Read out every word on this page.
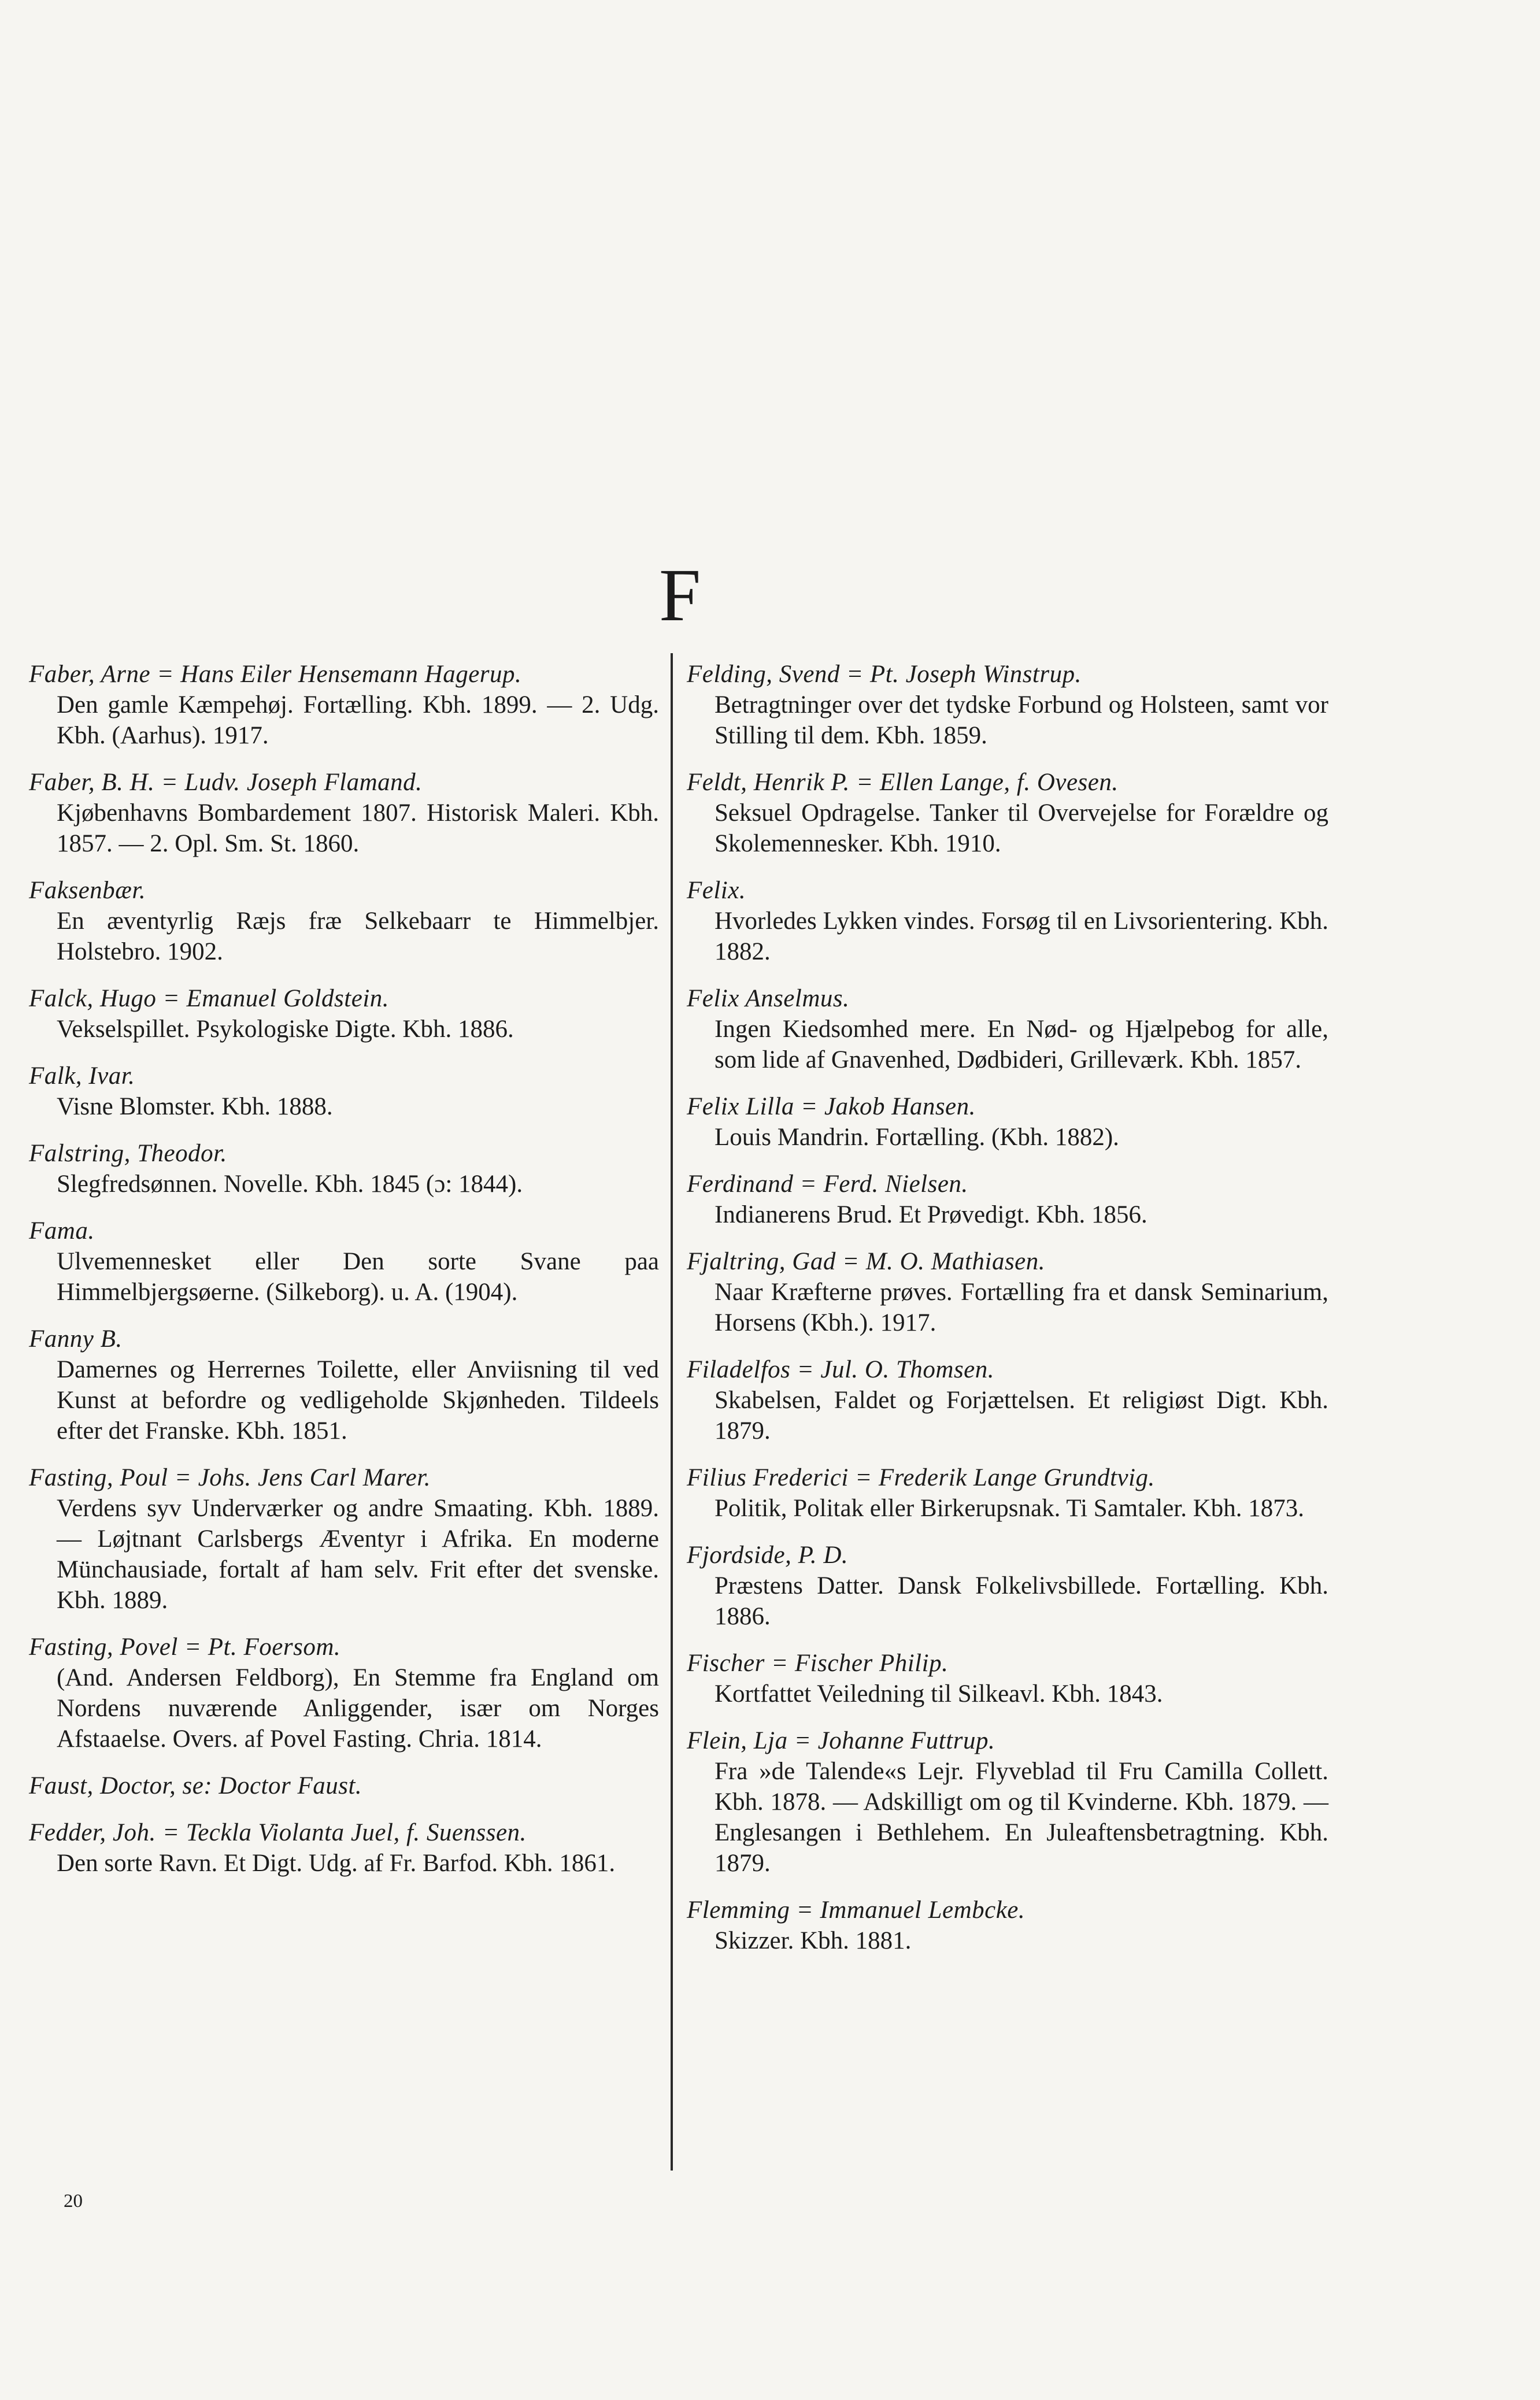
F
Faber, Arne = Hans Eiler Hensemann Hagerup.
Den gamle Kæmpehøj. Fortælling. Kbh. 1899. — 2. Udg. Kbh. (Aarhus). 1917.
Faber, B. H. = Ludv. Joseph Flamand.
Kjøbenhavns Bombardement 1807. Historisk Maleri. Kbh. 1857. — 2. Opl. Sm. St. 1860.
Faksenbær.
En æventyrlig Ræjs fræ Selkebaarr te Himmelbjer. Holstebro. 1902.
Falck, Hugo = Emanuel Goldstein.
Vekselspillet. Psykologiske Digte. Kbh. 1886.
Falk, Ivar.
Visne Blomster. Kbh. 1888.
Falstring, Theodor.
Slegfredsønnen. Novelle. Kbh. 1845 (ɔ: 1844).
Fama.
Ulvemennesket eller Den sorte Svane paa Himmelbjergsøerne. (Silkeborg). u. A. (1904).
Fanny B.
Damernes og Herrernes Toilette, eller Anviisning til ved Kunst at befordre og vedligeholde Skjønheden. Tildeels efter det Franske. Kbh. 1851.
Fasting, Poul = Johs. Jens Carl Marer.
Verdens syv Underværker og andre Smaating. Kbh. 1889. — Løjtnant Carlsbergs Æventyr i Afrika. En moderne Münchausiade, fortalt af ham selv. Frit efter det svenske. Kbh. 1889.
Fasting, Povel = Pt. Foersom.
(And. Andersen Feldborg), En Stemme fra England om Nordens nuværende Anliggender, især om Norges Afstaaelse. Overs. af Povel Fasting. Chria. 1814.
Faust, Doctor, se: Doctor Faust.
Fedder, Joh. = Teckla Violanta Juel, f. Suenssen.
Den sorte Ravn. Et Digt. Udg. af Fr. Barfod. Kbh. 1861.
Felding, Svend = Pt. Joseph Winstrup.
Betragtninger over det tydske Forbund og Holsteen, samt vor Stilling til dem. Kbh. 1859.
Feldt, Henrik P. = Ellen Lange, f. Ovesen.
Seksuel Opdragelse. Tanker til Overvejelse for Forældre og Skolemennesker. Kbh. 1910.
Felix.
Hvorledes Lykken vindes. Forsøg til en Livsorientering. Kbh. 1882.
Felix Anselmus.
Ingen Kiedsomhed mere. En Nød- og Hjælpebog for alle, som lide af Gnavenhed, Dødbideri, Grilleværk. Kbh. 1857.
Felix Lilla = Jakob Hansen.
Louis Mandrin. Fortælling. (Kbh. 1882).
Ferdinand = Ferd. Nielsen.
Indianerens Brud. Et Prøvedigt. Kbh. 1856.
Fjaltring, Gad = M. O. Mathiasen.
Naar Kræfterne prøves. Fortælling fra et dansk Seminarium, Horsens (Kbh.). 1917.
Filadelfos = Jul. O. Thomsen.
Skabelsen, Faldet og Forjættelsen. Et religiøst Digt. Kbh. 1879.
Filius Frederici = Frederik Lange Grundtvig.
Politik, Politak eller Birkerupsnak. Ti Samtaler. Kbh. 1873.
Fjordside, P. D.
Præstens Datter. Dansk Folkelivsbillede. Fortælling. Kbh. 1886.
Fischer = Fischer Philip.
Kortfattet Veiledning til Silkeavl. Kbh. 1843.
Flein, Lja = Johanne Futtrup.
Fra »de Talende«s Lejr. Flyveblad til Fru Camilla Collett. Kbh. 1878. — Adskilligt om og til Kvinderne. Kbh. 1879. — Englesangen i Bethlehem. En Juleaftensbetragtning. Kbh. 1879.
Flemming = Immanuel Lembcke.
Skizzer. Kbh. 1881.
20
